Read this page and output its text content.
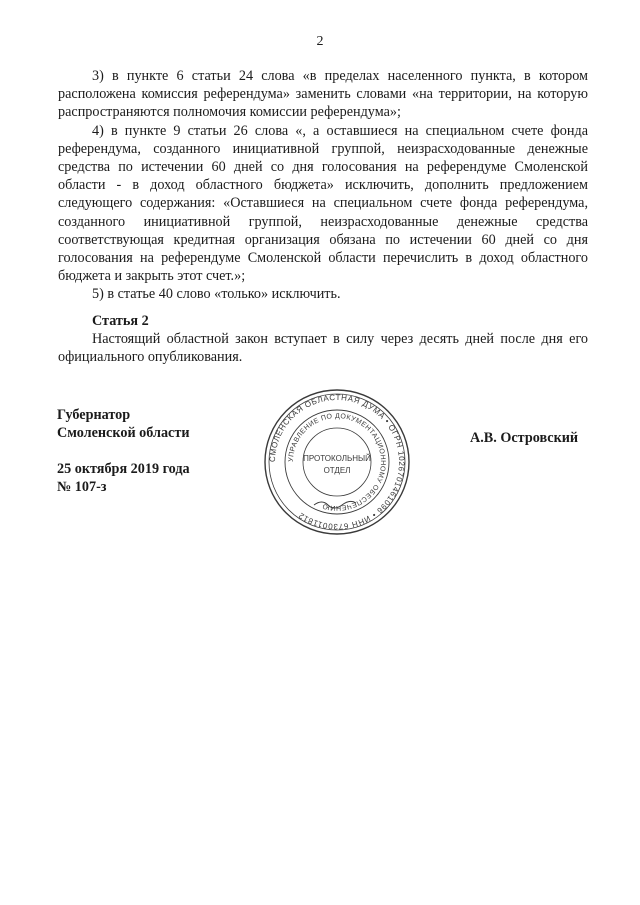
2

3) в пункте 6 статьи 24 слова «в пределах населенного пункта, в котором расположена комиссия референдума» заменить словами «на территории, на которую распространяются полномочия комиссии референдума»;

4) в пункте 9 статьи 26 слова «, а оставшиеся на специальном счете фонда референдума, созданного инициативной группой, неизрасходованные денежные средства по истечении 60 дней со дня голосования на референдуме Смоленской области - в доход областного бюджета» исключить, дополнить предложением следующего содержания: «Оставшиеся на специальном счете фонда референдума, созданного инициативной группой, неизрасходованные денежные средства соответствующая кредитная организация обязана по истечении 60 дней со дня голосования на референдуме Смоленской области перечислить в доход областного бюджета и закрыть этот счет.»;

5) в статье 40 слово «только» исключить.

Статья 2
Настоящий областной закон вступает в силу через десять дней после дня его официального опубликования.
Губернатор
Смоленской области
25 октября 2019 года
№ 107-з
А.В. Островский
СМОЛЕНСКАЯ ОБЛАСТНАЯ ДУМА • ОГРН 1026701461096 • ИНН 6730011812
УПРАВЛЕНИЕ ПО ДОКУМЕНТАЦИОННОМУ ОБЕСПЕЧЕНИЮ
ПРОТОКОЛЬНЫЙ
ОТДЕЛ
